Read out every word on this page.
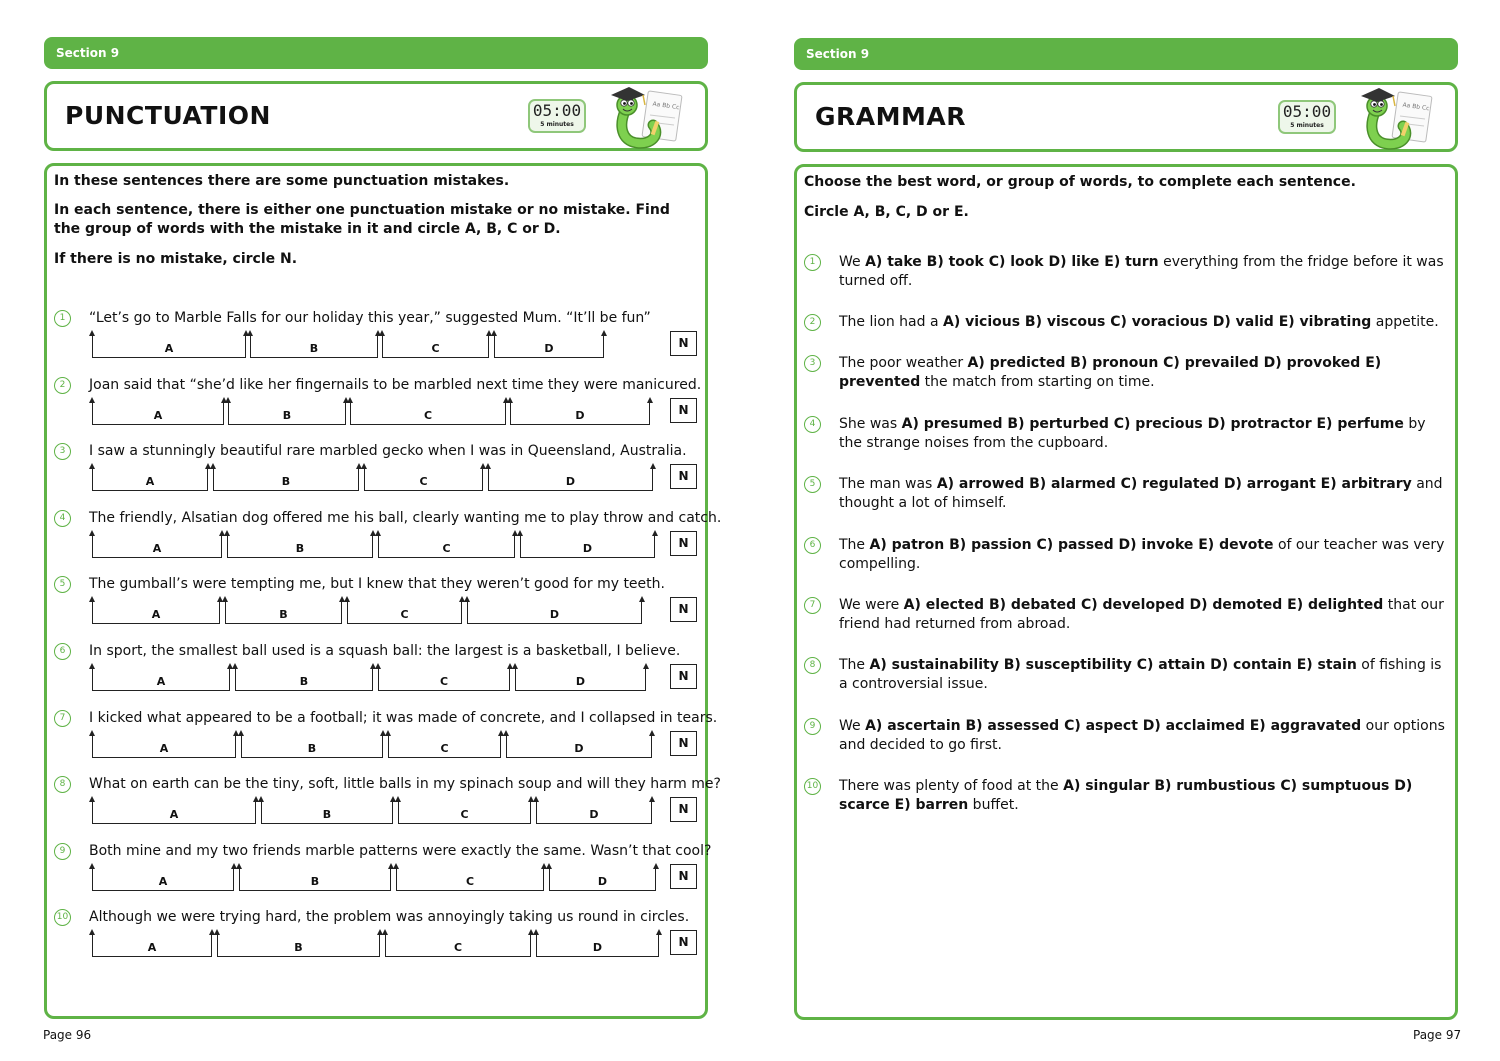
Section 9
PUNCTUATION	05:00
5 minutes
Aa Bb Cc
In these sentences there are some punctuation mistakes.
In each sentence, there is either one punctuation mistake or no mistake. Find the group of words with the mistake in it and circle A, B, C or D.
If there is no mistake, circle N.
1	“Let’s go to Marble Falls for our holiday this year,” suggested Mum. “It’ll be fun”
A	B	C	D	N
2	Joan said that “she’d like her fingernails to be marbled next time they were manicured.
A	B	C	D	N
3	I saw a stunningly beautiful rare marbled gecko when I was in Queensland, Australia.
A	B	C	D	N
4	The friendly, Alsatian dog offered me his ball, clearly wanting me to play throw and catch.
A	B	C	D	N
5	The gumball’s were tempting me, but I knew that they weren’t good for my teeth.
A	B	C	D	N
6	In sport, the smallest ball used is a squash ball: the largest is a basketball, I believe.
A	B	C	D	N
7	I kicked what appeared to be a football; it was made of concrete, and I collapsed in tears.
A	B	C	D	N
8	What on earth can be the tiny, soft, little balls in my spinach soup and will they harm me?
A	B	C	D	N
9	Both mine and my two friends marble patterns were exactly the same. Wasn’t that cool?
A	B	C	D	N
10 Although we were trying hard, the problem was annoyingly taking us round in circles.
A	B	C	D	N
Page 96
Section 9
GRAMMAR	05:00
5 minutes
Aa Bb Cc
Choose the best word, or group of words, to complete each sentence.
Circle A, B, C, D or E.
1	We A) take B) took C) look D) like E) turn everything from the fridge before it was turned off.
2	The lion had a A) vicious B) viscous C) voracious D) valid E) vibrating appetite.
3	The poor weather A) predicted B) pronoun C) prevailed D) provoked E) prevented the match from starting on time.
4	She was A) presumed B) perturbed C) precious D) protractor E) perfume by the strange noises from the cupboard.
5	The man was A) arrowed B) alarmed C) regulated D) arrogant E) arbitrary and thought a lot of himself.
6	The A) patron B) passion C) passed D) invoke E) devote of our teacher was very compelling.
7	We were A) elected B) debated C) developed D) demoted E) delighted that our friend had returned from abroad.
8	The A) sustainability B) susceptibility C) attain D) contain E) stain of fishing is a controversial issue.
9	We A) ascertain B) assessed C) aspect D) acclaimed E) aggravated our options and decided to go first.
10 There was plenty of food at the A) singular B) rumbustious C) sumptuous D) scarce E) barren buffet.
Page 97
